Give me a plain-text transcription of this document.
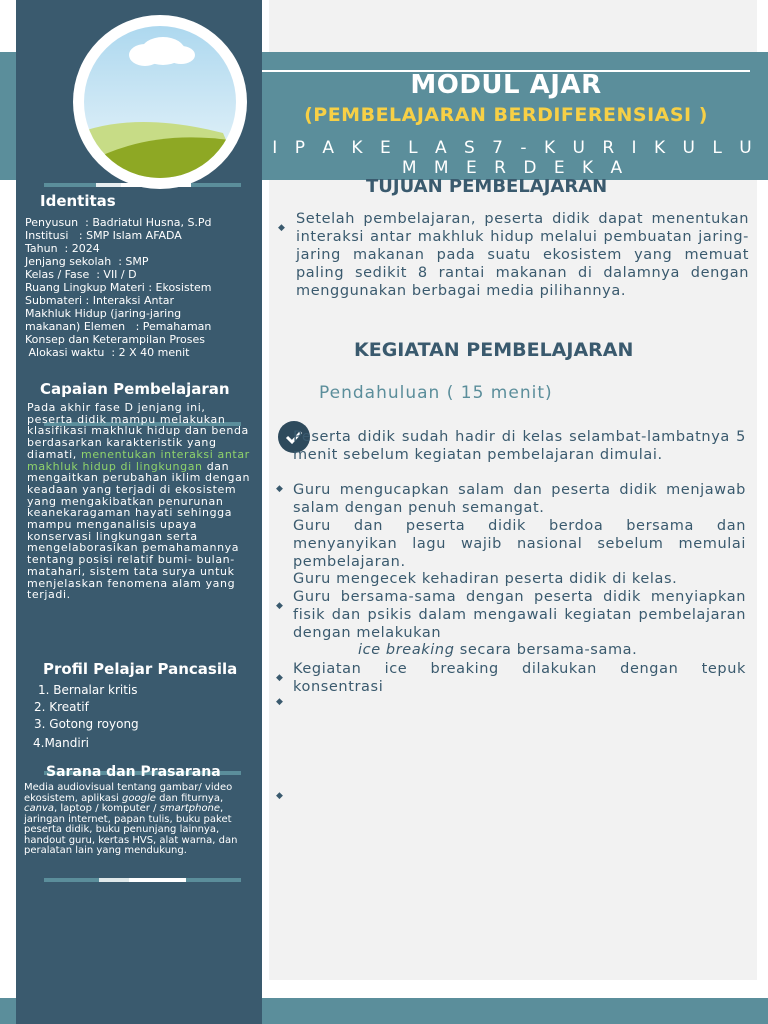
MODUL AJAR
(PEMBELAJARAN BERDIFERENSIASI )
I P A K E L A S 7 - K U R I K U L U M M E R D E K A
Identitas
Penyusun  : Badriatul Husna, S.Pd
Institusi   : SMP Islam AFADA
Tahun  : 2024
Jenjang sekolah  : SMP
Kelas / Fase  : VII / D
Ruang Lingkup Materi : Ekosistem
Submateri : Interaksi Antar
Makhluk Hidup (jaring-jaring
makanan) Elemen   : Pemahaman
Konsep dan Keterampilan Proses
Alokasi waktu  : 2 X 40 menit
Capaian Pembelajaran
Pada akhir fase D jenjang ini, peserta didik mampu melakukan klasifikasi makhluk hidup dan benda berdasarkan karakteristik yang diamati, menentukan interaksi antar makhluk hidup di lingkungan dan mengaitkan perubahan iklim dengan keadaan yang terjadi di ekosistem yang mengakibatkan penurunan keanekaragaman hayati sehingga mampu menganalisis upaya konservasi lingkungan serta mengelaborasikan pemahamannya tentang posisi relatif bumi- bulan- matahari, sistem tata surya untuk menjelaskan fenomena alam yang terjadi.
Profil Pelajar Pancasila
1. Bernalar kritis
2. Kreatif
3. Gotong royong
4.Mandiri
Sarana dan Prasarana
Media audiovisual tentang gambar/ video ekosistem, aplikasi google dan fiturnya, canva, laptop / komputer / smartphone, jaringan internet, papan tulis, buku paket peserta didik, buku penunjang lainnya, handout guru, kertas HVS, alat warna, dan peralatan lain yang mendukung.
TUJUAN PEMBELAJARAN
◆
Setelah pembelajaran, peserta didik dapat menentukan interaksi antar makhluk hidup melalui pembuatan jaring-jaring makanan pada suatu ekosistem yang memuat paling sedikit 8 rantai makanan di dalamnya dengan menggunakan berbagai media pilihannya.
KEGIATAN PEMBELAJARAN
Pendahuluan ( 15 menit)
Peserta didik sudah hadir di kelas selambat-lambatnya 5 menit sebelum kegiatan pembelajaran dimulai.
Guru mengucapkan salam dan peserta didik menjawab salam dengan penuh semangat.
Guru dan peserta didik berdoa bersama dan menyanyikan lagu wajib nasional sebelum memulai pembelajaran.
Guru mengecek kehadiran peserta didik di kelas.
Guru bersama-sama dengan peserta didik menyiapkan fisik dan psikis dalam mengawali kegiatan pembelajaran dengan melakukan
ice breaking secara bersama-sama.
Kegiatan ice breaking dilakukan dengan tepuk konsentrasi
◆
◆
◆
◆
◆
